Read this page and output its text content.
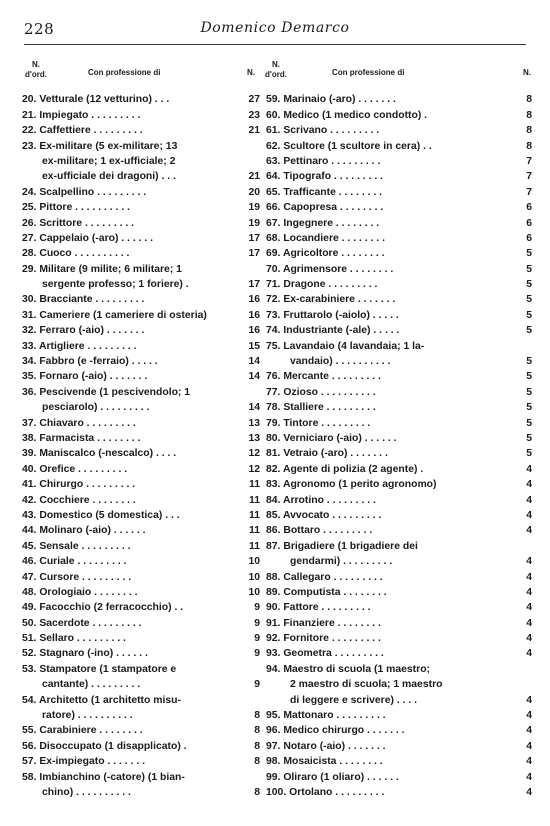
228	Domenico Demarco
N.
d'ord.	Con professione di	N.
20. Vetturale (12 vetturino) . . .	27
21. Impiegato . . . . . . . . .	23
22. Caffettiere . . . . . . . . .	21
23. Ex-militare (5 ex-militare; 13
ex-militare; 1 ex-ufficiale; 2
ex-ufficiale dei dragoni) . . .	21
24. Scalpellino . . . . . . . . .	20
25. Pittore . . . . . . . . . .	19
26. Scrittore . . . . . . . . .	19
27. Cappelaio (-aro) . . . . . .	17
28. Cuoco . . . . . . . . . .	17
29. Militare (9 milite; 6 militare; 1
sergente professo; 1 foriere) .	17
30. Bracciante . . . . . . . . .	16
31. Cameriere (1 cameriere di osteria)	16
32. Ferraro (-aio) . . . . . . .	16
33. Artigliere . . . . . . . . .	15
34. Fabbro (e -ferraio) . . . . .	14
35. Fornaro (-aio) . . . . . . .	14
36. Pescivende (1 pescivendolo; 1
pesciarolo) . . . . . . . . .	14
37. Chiavaro . . . . . . . . .	13
38. Farmacista . . . . . . . .	13
39. Maniscalco (-nescalco) . . . .	12
40. Orefice . . . . . . . . .	12
41. Chirurgo . . . . . . . . .	11
42. Cocchiere . . . . . . . .	11
43. Domestico (5 domestica) . . .	11
44. Molinaro (-aio) . . . . . .	11
45. Sensale . . . . . . . . .	11
46. Curiale . . . . . . . . .	10
47. Cursore . . . . . . . . .	10
48. Orologiaio . . . . . . . .	10
49. Facocchio (2 ferracocchio) . .	9
50. Sacerdote . . . . . . . . .	9
51. Sellaro . . . . . . . . .	9
52. Stagnaro (-ino) . . . . . .	9
53. Stampatore (1 stampatore e
cantante) . . . . . . . . .	9
54. Architetto (1 architetto misu-
ratore) . . . . . . . . . .	8
55. Carabiniere . . . . . . . .	8
56. Disoccupato (1 disapplicato) .	8
57. Ex-impiegato . . . . . . .	8
58. Imbianchino (-catore) (1 bian-
chino) . . . . . . . . . .	8
N.
d'ord.	Con professione di	N.
59. Marinaio (-aro) . . . . . . .	8
60. Medico (1 medico condotto) .	8
61. Scrivano . . . . . . . . .	8
62. Scultore (1 scultore in cera) . .	8
63. Pettinaro . . . . . . . . .	7
64. Tipografo . . . . . . . . .	7
65. Trafficante . . . . . . . .	7
66. Capopresa . . . . . . . .	6
67. Ingegnere . . . . . . . .	6
68. Locandiere . . . . . . . .	6
69. Agricoltore . . . . . . . .	5
70. Agrimensore . . . . . . . .	5
71. Dragone . . . . . . . . .	5
72. Ex-carabiniere . . . . . . .	5
73. Fruttarolo (-aiolo) . . . . .	5
74. Industriante (-ale) . . . . .	5
75. Lavandaio (4 lavandaia; 1 la-
vandaio) . . . . . . . . . .	5
76. Mercante . . . . . . . . .	5
77. Ozioso . . . . . . . . . .	5
78. Stalliere . . . . . . . . .	5
79. Tintore . . . . . . . . .	5
80. Verniciaro (-aio) . . . . . .	5
81. Vetraio (-aro) . . . . . . .	5
82. Agente di polizia (2 agente) .	4
83. Agronomo (1 perito agronomo)	4
84. Arrotino . . . . . . . . .	4
85. Avvocato . . . . . . . . .	4
86. Bottaro . . . . . . . . .	4
87. Brigadiere (1 brigadiere dei
gendarmi) . . . . . . . . .	4
88. Callegaro . . . . . . . . .	4
89. Computista . . . . . . . .	4
90. Fattore . . . . . . . . .	4
91. Finanziere . . . . . . . .	4
92. Fornitore . . . . . . . . .	4
93. Geometra . . . . . . . . .	4
94. Maestro di scuola (1 maestro;
2 maestro di scuola; 1 maestro
di leggere e scrivere) . . . .	4
95. Mattonaro . . . . . . . . .	4
96. Medico chirurgo . . . . . . .	4
97. Notaro (-aio) . . . . . . .	4
98. Mosaicista . . . . . . . .	4
99. Oliraro (1 oliaro) . . . . . .	4
100. Ortolano . . . . . . . . .	4
